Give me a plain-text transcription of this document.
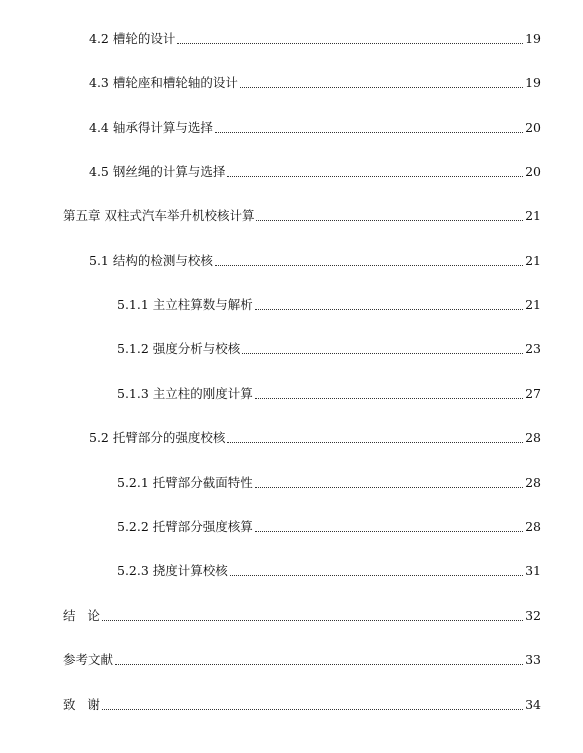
4.2 槽轮的设计	19
4.3 槽轮座和槽轮轴的设计	19
4.4 轴承得计算与选择	20
4.5 钢丝绳的计算与选择	20
第五章 双柱式汽车举升机校核计算	21
5.1 结构的检测与校核	21
5.1.1 主立柱算数与解析	21
5.1.2 强度分析与校核	23
5.1.3 主立柱的刚度计算	27
5.2 托臂部分的强度校核	28
5.2.1 托臂部分截面特性	28
5.2.2 托臂部分强度核算	28
5.2.3 挠度计算校核	31
结   论	32
参考文献	33
致   谢	34
